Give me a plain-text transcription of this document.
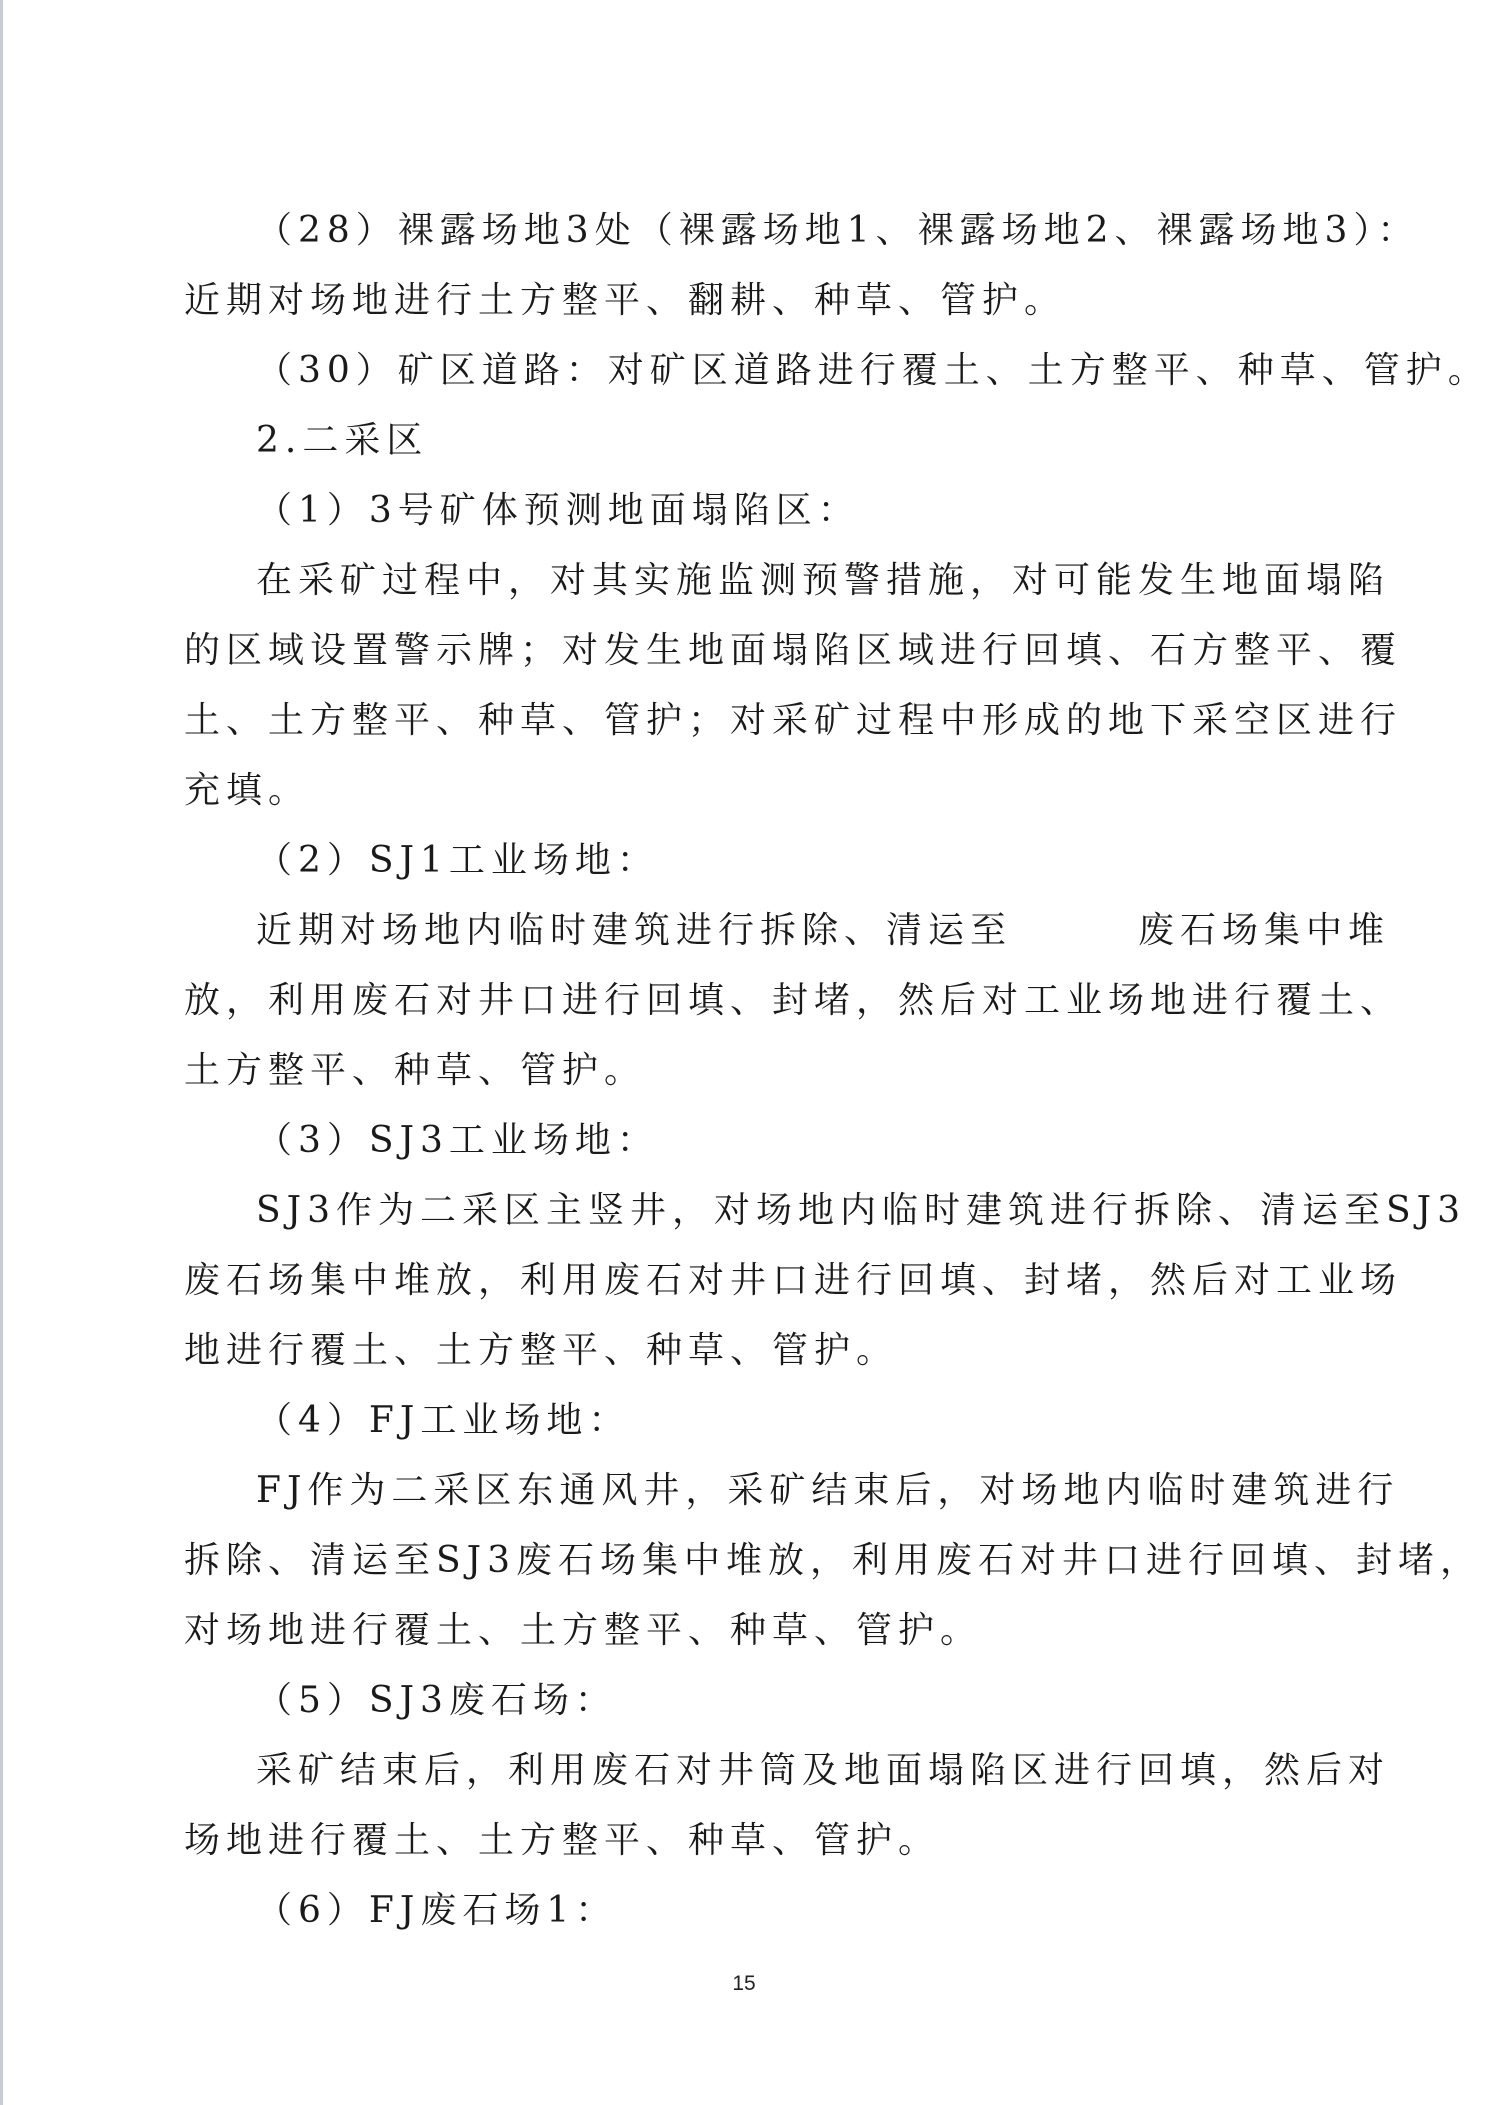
（28）裸露场地3处（裸露场地1、裸露场地2、裸露场地3）：
近期对场地进行土方整平、翻耕、种草、管护。
（30）矿区道路：对矿区道路进行覆土、土方整平、种草、管护。
2.二采区
（1）3号矿体预测地面塌陷区：
在采矿过程中，对其实施监测预警措施，对可能发生地面塌陷
的区域设置警示牌；对发生地面塌陷区域进行回填、石方整平、覆
土、土方整平、种草、管护；对采矿过程中形成的地下采空区进行
充填。
（2）SJ1工业场地：
近期对场地内临时建筑进行拆除、清运至　　　废石场集中堆
放，利用废石对井口进行回填、封堵，然后对工业场地进行覆土、
土方整平、种草、管护。
（3）SJ3工业场地：
SJ3作为二采区主竖井，对场地内临时建筑进行拆除、清运至SJ3
废石场集中堆放，利用废石对井口进行回填、封堵，然后对工业场
地进行覆土、土方整平、种草、管护。
（4）FJ工业场地：
FJ作为二采区东通风井，采矿结束后，对场地内临时建筑进行
拆除、清运至SJ3废石场集中堆放，利用废石对井口进行回填、封堵，
对场地进行覆土、土方整平、种草、管护。
（5）SJ3废石场：
采矿结束后，利用废石对井筒及地面塌陷区进行回填，然后对
场地进行覆土、土方整平、种草、管护。
（6）FJ废石场1：
15
